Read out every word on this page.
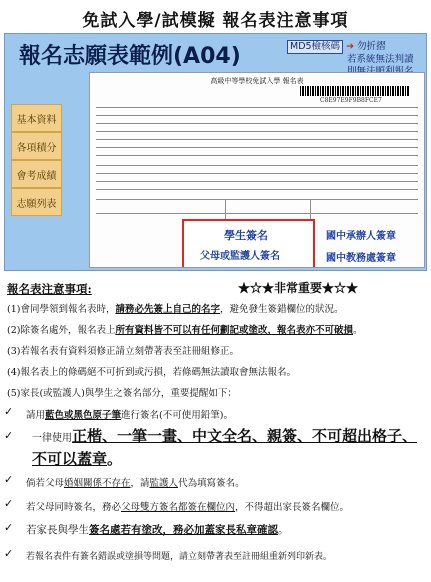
免試入學/試模擬 報名表注意事項
報名志願表範例(A04)	MD5檢核碼 ➔ 勿折摺
若系統無法判讀

基本資料
各項積分
會考成績
志願列表
高級中等學校免試入學 報名表
C8E97E9F9B8FCE7
學生簽名
父母或監護人簽名
國中承辦人簽章
國中教務處簽章
報名表注意事項:	★☆★非常重要★☆★
(1)會同學領到報名表時，請務必先簽上自己的名字，避免發生簽錯欄位的狀況。
(2)除簽名處外，報名表上所有資料皆不可以有任何劃記或塗改，報名表亦不可破損。
(3)若報名表有資料須修正請立刻帶著表至註冊組修正。
(4)報名表上的條碼絕不可折到或污損，若條碼無法讀取會無法報名。
(5)家長(或監護人)與學生之簽名部分，重要提醒如下：
✓ 請用藍色或黑色原子筆進行簽名(不可使用鉛筆)。
✓ 一律使用正楷、一筆一畫、中文全名、親簽、不可超出格子、
不可以蓋章。
✓ 倘若父母婚姻關係不存在，請監護人代為填寫簽名。
✓ 若父母同時簽名，務必父母雙方簽名都簽在欄位內，不得超出家長簽名欄位。
✓ 若家長與學生簽名處若有塗改，務必加蓋家長私章確認。
✓ 若報名表件有簽名錯誤或塗損等問題，請立刻帶著表至註冊組重新列印新表。
